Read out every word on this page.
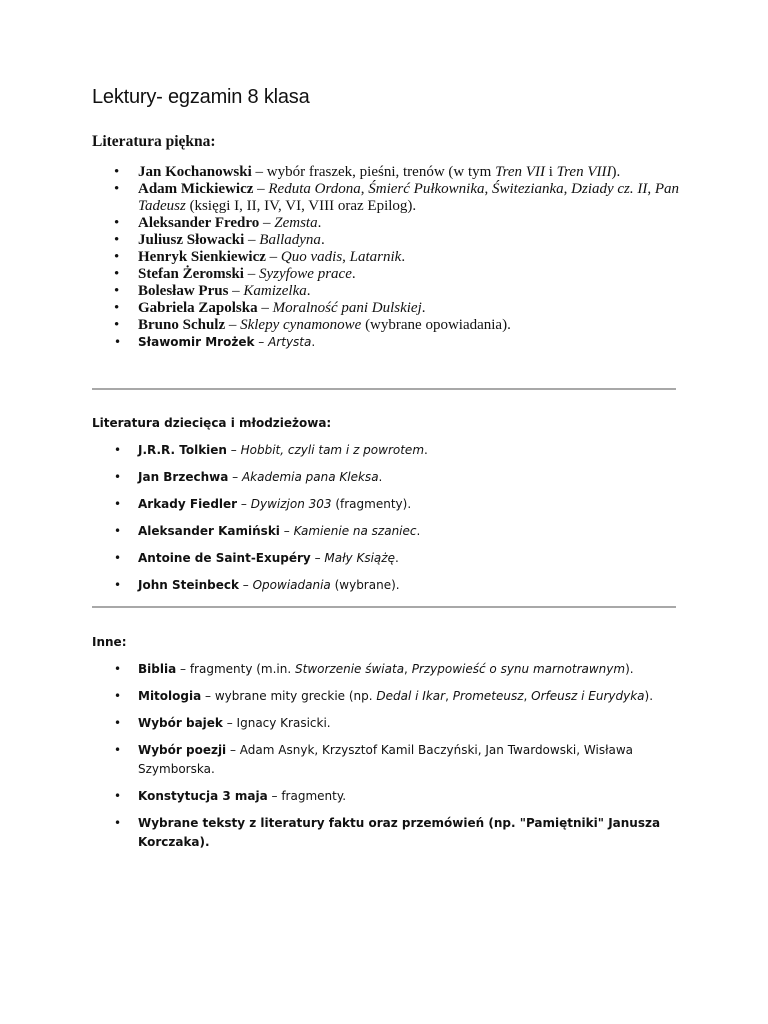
Lektury- egzamin 8 klasa
Literatura piękna:
• Jan Kochanowski – wybór fraszek, pieśni, trenów (w tym Tren VII i Tren VIII).
• Adam Mickiewicz – Reduta Ordona, Śmierć Pułkownika, Świtezianka, Dziady cz. II, Pan Tadeusz (księgi I, II, IV, VI, VIII oraz Epilog).
• Aleksander Fredro – Zemsta.
• Juliusz Słowacki – Balladyna.
• Henryk Sienkiewicz – Quo vadis, Latarnik.
• Stefan Żeromski – Syzyfowe prace.
• Bolesław Prus – Kamizelka.
• Gabriela Zapolska – Moralność pani Dulskiej.
• Bruno Schulz – Sklepy cynamonowe (wybrane opowiadania).
• Sławomir Mrożek – Artysta.
Literatura dziecięca i młodzieżowa:
• J.R.R. Tolkien – Hobbit, czyli tam i z powrotem.
• Jan Brzechwa – Akademia pana Kleksa.
• Arkady Fiedler – Dywizjon 303 (fragmenty).
• Aleksander Kamiński – Kamienie na szaniec.
• Antoine de Saint-Exupéry – Mały Książę.
• John Steinbeck – Opowiadania (wybrane).
Inne:
• Biblia – fragmenty (m.in. Stworzenie świata, Przypowieść o synu marnotrawnym).
• Mitologia – wybrane mity greckie (np. Dedal i Ikar, Prometeusz, Orfeusz i Eurydyka).
• Wybór bajek – Ignacy Krasicki.
• Wybór poezji – Adam Asnyk, Krzysztof Kamil Baczyński, Jan Twardowski, Wisława Szymborska.
• Konstytucja 3 maja – fragmenty.
• Wybrane teksty z literatury faktu oraz przemówień (np. "Pamiętniki" Janusza Korczaka).
